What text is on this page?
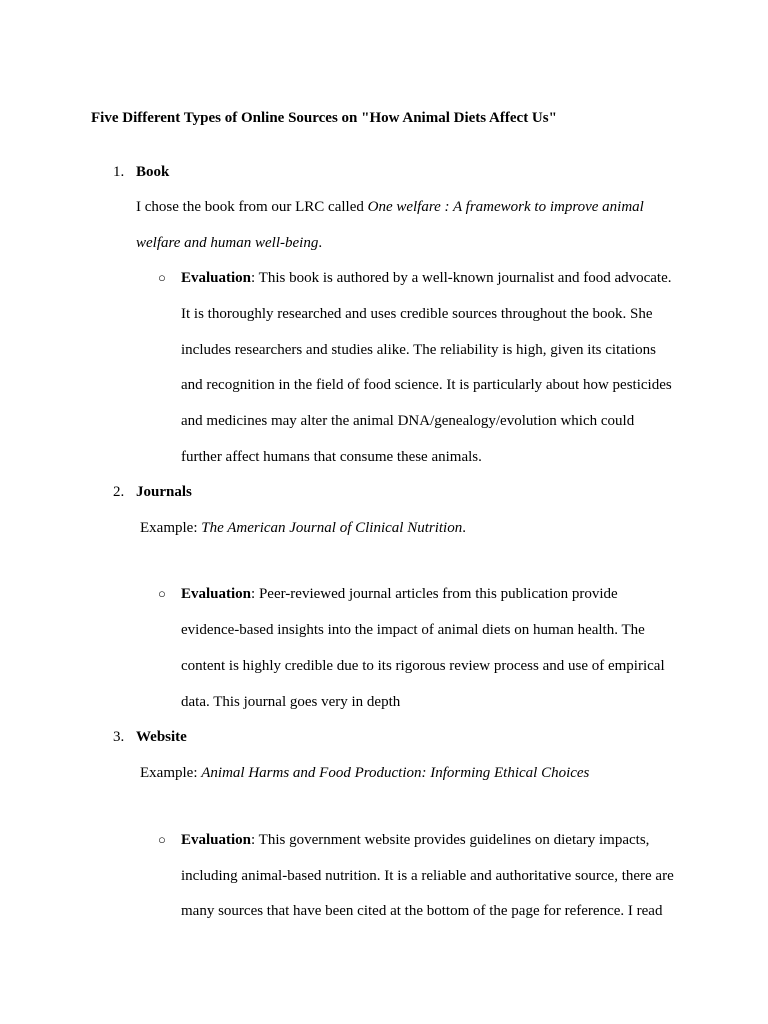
Five Different Types of Online Sources on "How Animal Diets Affect Us"
1. Book
I chose the book from our LRC called One welfare : A framework to improve animal
welfare and human well-being.
○ Evaluation: This book is authored by a well-known journalist and food advocate.
It is thoroughly researched and uses credible sources throughout the book. She
includes researchers and studies alike. The reliability is high, given its citations
and recognition in the field of food science. It is particularly about how pesticides
and medicines may alter the animal DNA/genealogy/evolution which could
further affect humans that consume these animals.
2. Journals
Example: The American Journal of Clinical Nutrition.
○ Evaluation: Peer-reviewed journal articles from this publication provide
evidence-based insights into the impact of animal diets on human health. The
content is highly credible due to its rigorous review process and use of empirical
data. This journal goes very in depth
3. Website
Example: Animal Harms and Food Production: Informing Ethical Choices
○ Evaluation: This government website provides guidelines on dietary impacts,
including animal-based nutrition. It is a reliable and authoritative source, there are
many sources that have been cited at the bottom of the page for reference. I read
